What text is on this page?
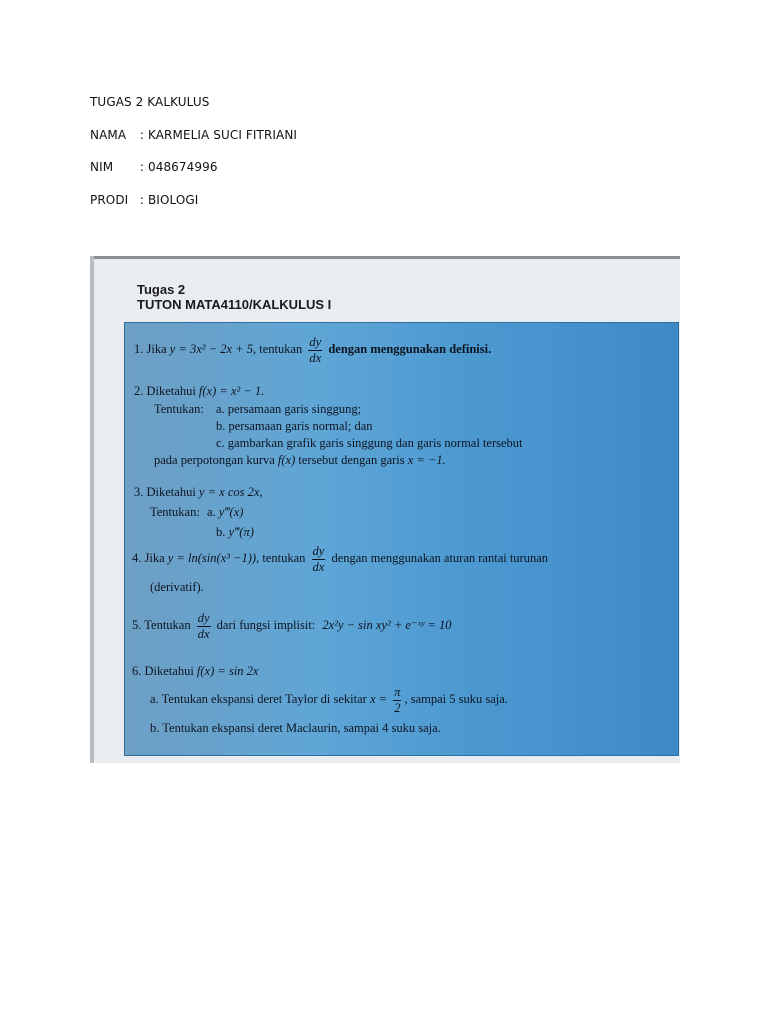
TUGAS 2 KALKULUS
NAMA : KARMELIA SUCI FITRIANI
NIM : 048674996
PRODI : BIOLOGI
Tugas 2
TUTON MATA4110/KALKULUS I
1. Jika y = 3x² − 2x + 5, tentukan $\frac{dy}{dx}$ dengan menggunakan definisi.
2. Diketahui f(x) = x² − 1.
Tentukan: a. persamaan garis singgung;
b. persamaan garis normal; dan
c. gambarkan grafik garis singgung dan garis normal tersebut
pada perpotongan kurva f(x) tersebut dengan garis x = −1.
3. Diketahui y = x cos 2x,
Tentukan: a. y‴(x)
b. y‴(π)
4. Jika y = ln(sin(x³ −1)), tentukan $\frac{dy}{dx}$ dengan menggunakan aturan rantai turunan
(derivatif).
5. Tentukan $\frac{dy}{dx}$ dari fungsi implisit: 2x²y − sin xy² + e⁻ˣʸ = 10
6. Diketahui f(x) = sin 2x
a. Tentukan ekspansi deret Taylor di sekitar $x = \frac{\pi}{2}$ , sampai 5 suku saja.
b. Tentukan ekspansi deret Maclaurin, sampai 4 suku saja.
